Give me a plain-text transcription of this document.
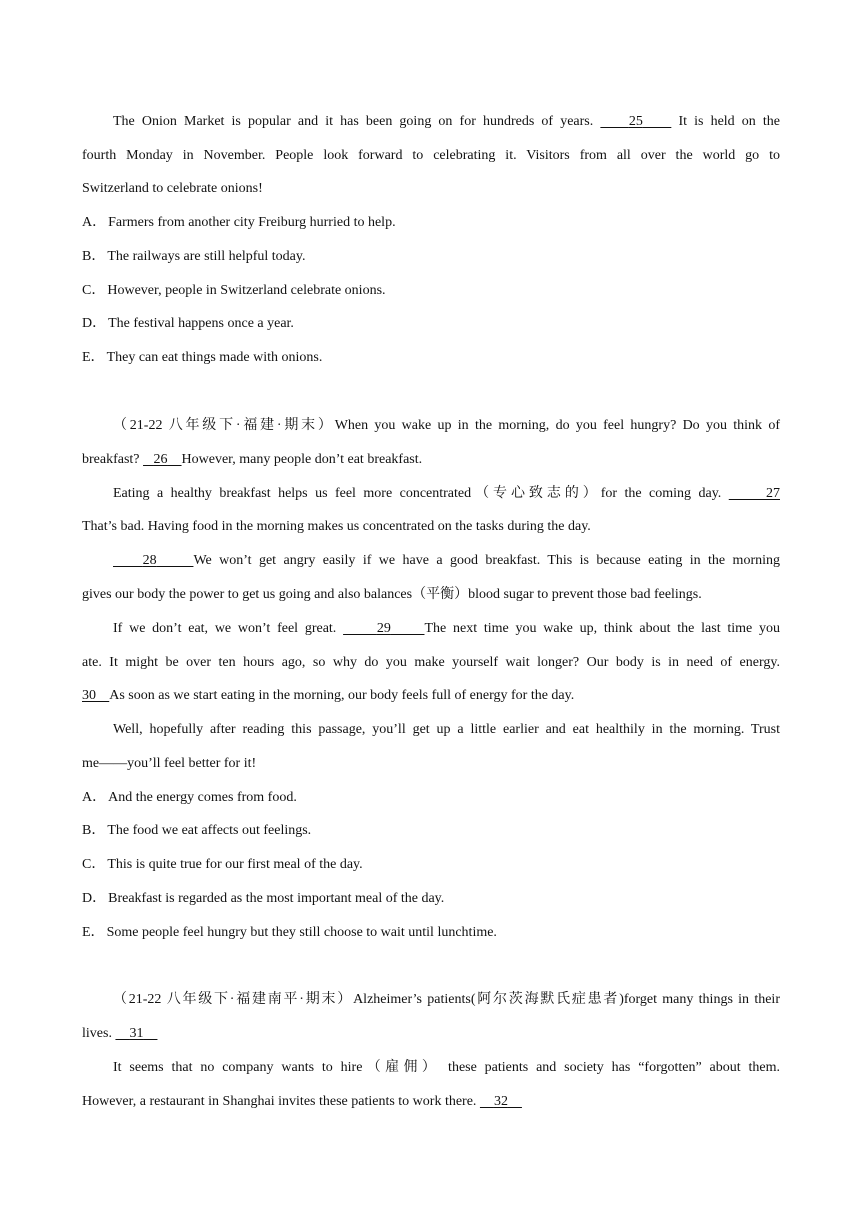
The Onion Market is popular and it has been going on for hundreds of years.	25	It is held on the
fourth Monday in November. People look forward to celebrating it. Visitors from all over the world go to
Switzerland to celebrate onions!
A． Farmers from another city Freiburg hurried to help.
B． The railways are still helpful today.
C． However, people in Switzerland celebrate onions.
D． The festival happens once a year.
E． They can eat things made with onions.
（21-22 八年级下·福建·期末）When you wake up in the morning, do you feel hungry? Do you think of
breakfast? 26 However, many people don’t eat breakfast.
Eating a healthy breakfast helps us feel more concentrated（专心致志的）for the coming day.	27
That’s bad. Having food in the morning makes us concentrated on the tasks during the day.
28	We won’t get angry easily if we have a good breakfast. This is because eating in the morning
gives our body the power to get us going and also balances（平衡）blood sugar to prevent those bad feelings.
If we don’t eat, we won’t feel great.	29 The next time you wake up, think about the last time you
ate. It might be over ten hours ago, so why do you make yourself wait longer? Our body is in need of energy.
30 As soon as we start eating in the morning, our body feels full of energy for the day.
Well, hopefully after reading this passage, you’ll get up a little earlier and eat healthily in the morning. Trust
me——you’ll feel better for it!
A． And the energy comes from food.
B． The food we eat affects out feelings.
C． This is quite true for our first meal of the day.
D． Breakfast is regarded as the most important meal of the day.
E． Some people feel hungry but they still choose to wait until lunchtime.
（21-22 八年级下·福建南平·期末）Alzheimer’s patients(阿尔茨海默氏症患者)forget many things in their
lives. 31
It seems that no company wants to hire（雇佣） these patients and society has “forgotten” about them.
However, a restaurant in Shanghai invites these patients to work there. 32
